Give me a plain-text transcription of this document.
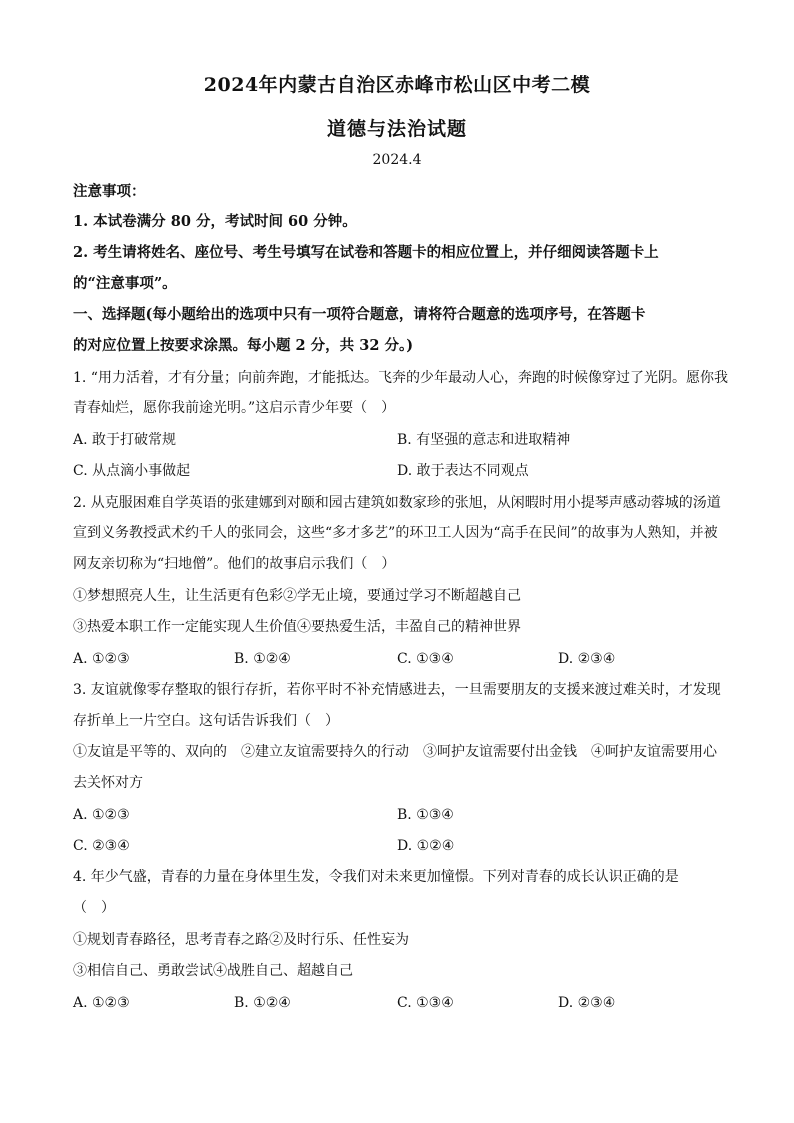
2024年内蒙古自治区赤峰市松山区中考二模
道德与法治试题
2024.4
注意事项：
1. 本试卷满分 80 分，考试时间 60 分钟。
2. 考生请将姓名、座位号、考生号填写在试卷和答题卡的相应位置上，并仔细阅读答题卡上
的“注意事项”。
一、选择题(每小题给出的选项中只有一项符合题意，请将符合题意的选项序号，在答题卡
的对应位置上按要求涂黑。每小题 2 分，共 32 分。)
1. “用力活着，才有分量；向前奔跑，才能抵达。飞奔的少年最动人心，奔跑的时候像穿过了光阴。愿你我
青春灿烂，愿你我前途光明。”这启示青少年要（　）
A. 敢于打破常规	B. 有坚强的意志和进取精神
C. 从点滴小事做起	D. 敢于表达不同观点
2. 从克服困难自学英语的张建娜到对颐和园古建筑如数家珍的张旭，从闲暇时用小提琴声感动蓉城的汤道
宣到义务教授武术约千人的张同会，这些“多才多艺”的环卫工人因为“高手在民间”的故事为人熟知，并被
网友亲切称为“扫地僧”。他们的故事启示我们（　）
①梦想照亮人生，让生活更有色彩②学无止境，要通过学习不断超越自己
③热爱本职工作一定能实现人生价值④要热爱生活，丰盈自己的精神世界
A. ①②③	B. ①②④	C. ①③④	D. ②③④
3. 友谊就像零存整取的银行存折，若你平时不补充情感进去，一旦需要朋友的支援来渡过难关时，才发现
存折单上一片空白。这句话告诉我们（　）
①友谊是平等的、双向的　②建立友谊需要持久的行动　③呵护友谊需要付出金钱　④呵护友谊需要用心
去关怀对方
A. ①②③	B. ①③④
C. ②③④	D. ①②④
4. 年少气盛，青春的力量在身体里生发，令我们对未来更加憧憬。下列对青春的成长认识正确的是
（　）
①规划青春路径，思考青春之路②及时行乐、任性妄为
③相信自己、勇敢尝试④战胜自己、超越自己
A. ①②③	B. ①②④	C. ①③④	D. ②③④
